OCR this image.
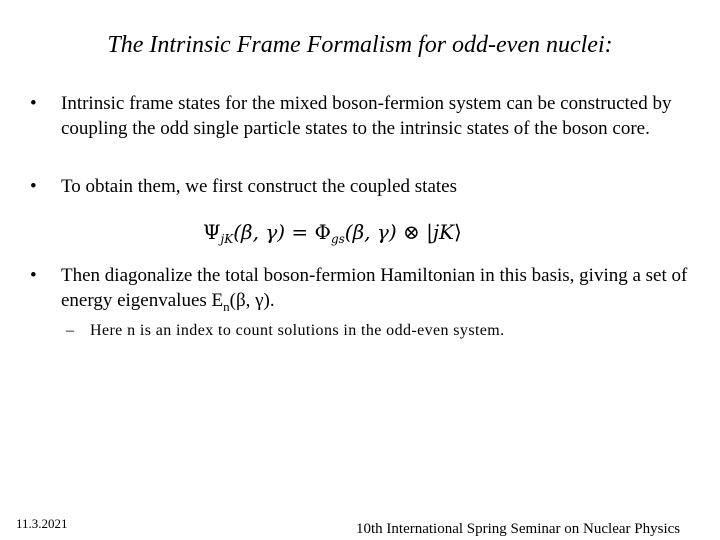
The Intrinsic Frame Formalism for odd-even nuclei:
•	Intrinsic frame states for the mixed boson-fermion system can be constructed by coupling the odd single particle states to the intrinsic states of the boson core.
•	To obtain them, we first construct the coupled states
$\Psi_{jK}(\beta$, $\gamma) = \Phi_{gs}(\beta$, γ) ⊗ |jK⟩
•	Then diagonalize the total boson-fermion Hamiltonian in this basis, giving a set of energy eigenvalues $E_n(\beta$, γ).
– Here n is an index to count solutions in the odd-even system.
11.3.2021	10th International Spring Seminar on Nuclear Physics
